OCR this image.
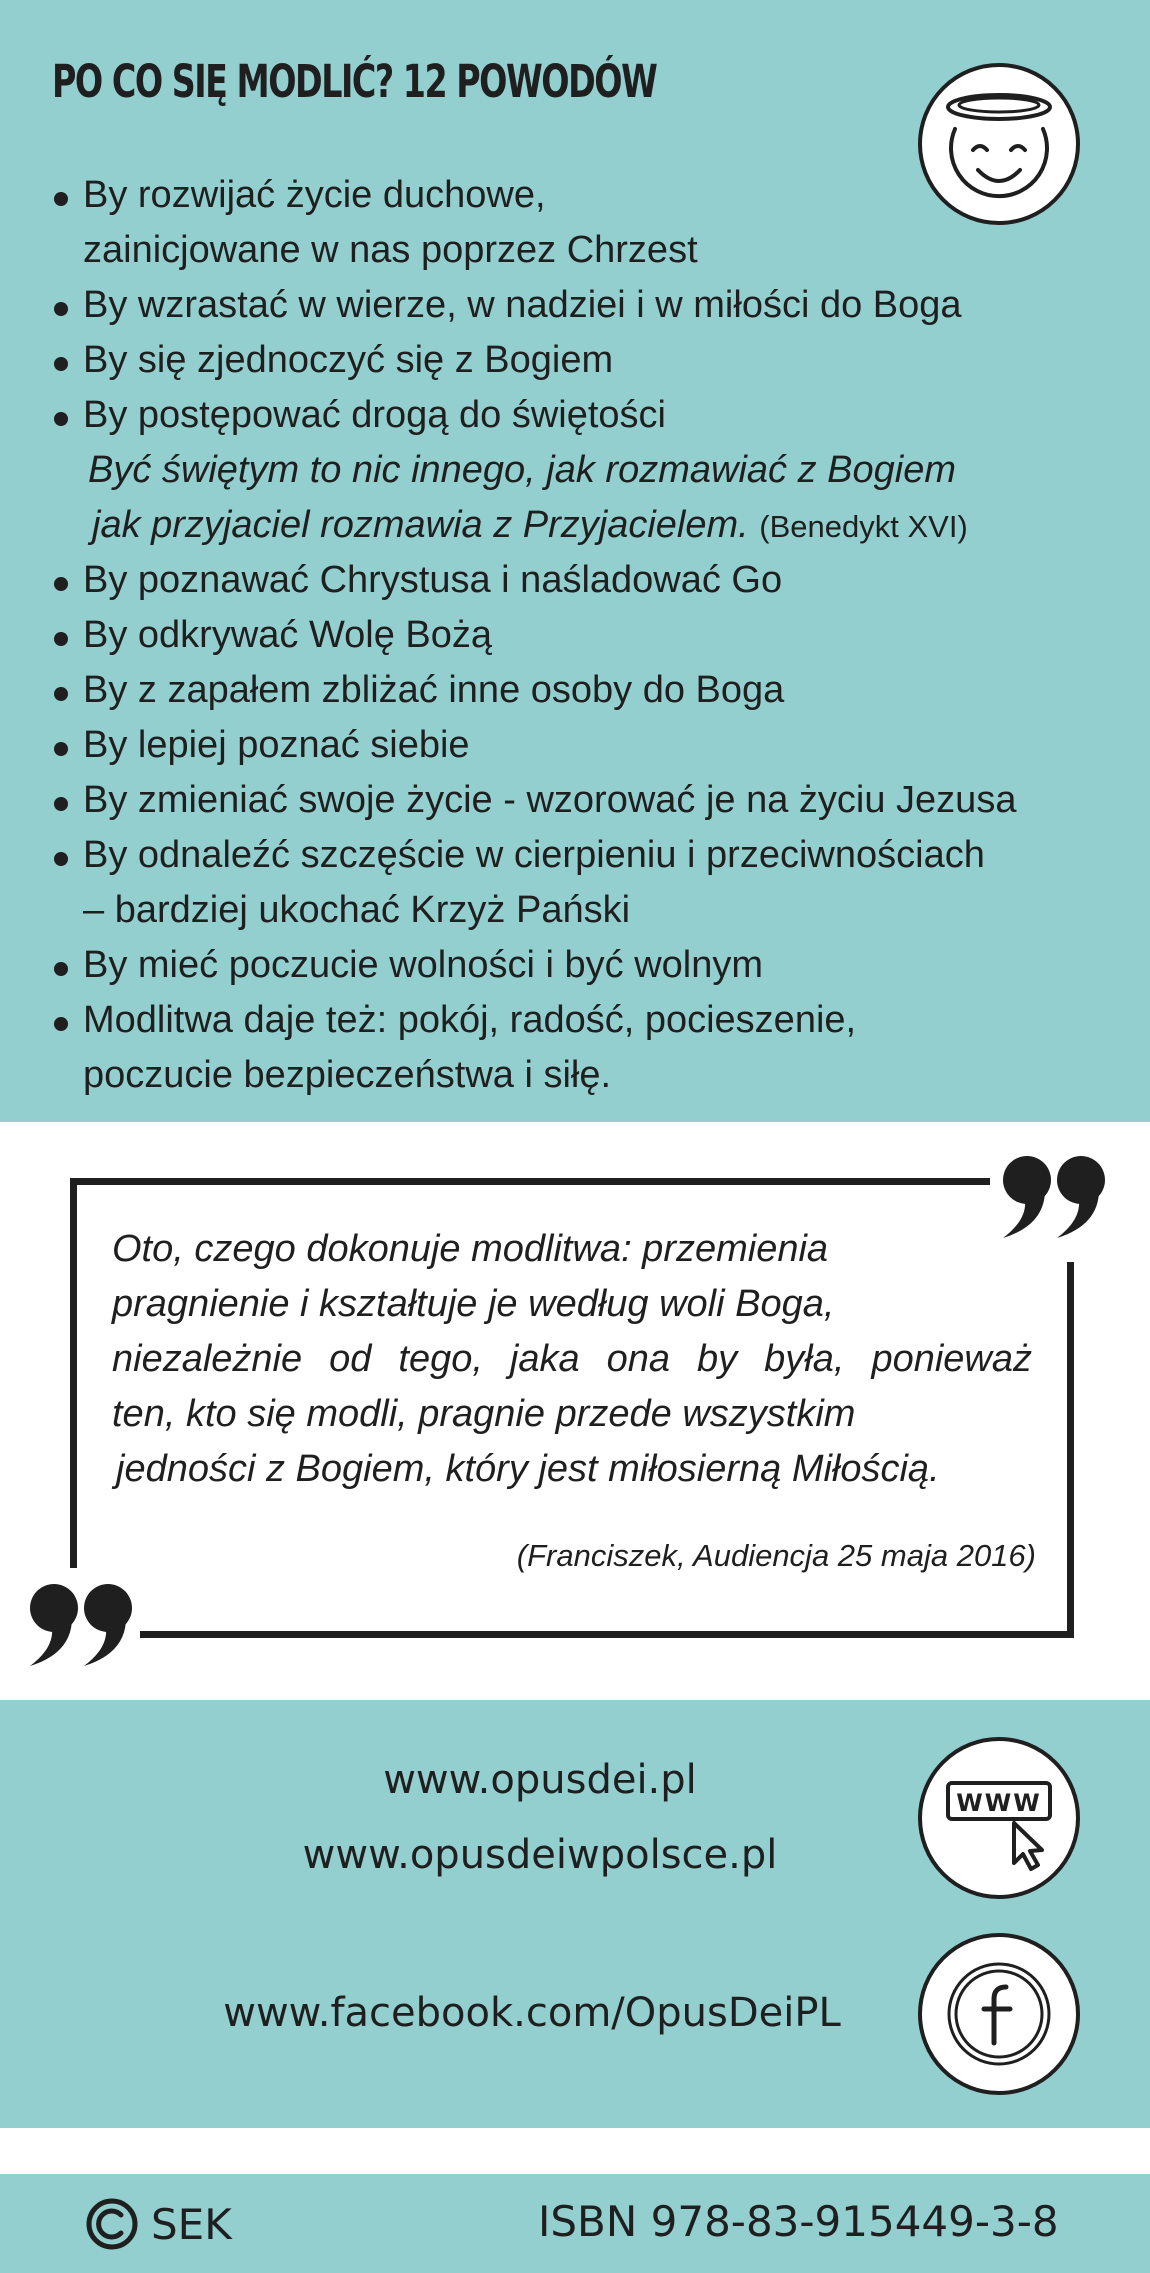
PO CO SIĘ MODLIĆ? 12 POWODÓW
By rozwijać życie duchowe,
zainicjowane w nas poprzez Chrzest
By wzrastać w wierze, w nadziei i w miłości do Boga
By się zjednoczyć się z Bogiem
By postępować drogą do świętości
Być świętym to nic innego, jak rozmawiać z Bogiem
jak przyjaciel rozmawia z Przyjacielem. (Benedykt XVI)
By poznawać Chrystusa i naśladować Go
By odkrywać Wolę Bożą
By z zapałem zbliżać inne osoby do Boga
By lepiej poznać siebie
By zmieniać swoje życie - wzorować je na życiu Jezusa
By odnaleźć szczęście w cierpieniu i przeciwnościach
– bardziej ukochać Krzyż Pański
By mieć poczucie wolności i być wolnym
Modlitwa daje też: pokój, radość, pocieszenie,
poczucie bezpieczeństwa i siłę.
Oto, czego dokonuje modlitwa: przemienia
pragnienie i kształtuje je według woli Boga,
niezależnie od tego, jaka ona by była, ponieważ
ten, kto się modli, pragnie przede wszystkim
jedności z Bogiem, który jest miłosierną Miłością.
(Franciszek, Audiencja 25 maja 2016)
www.opusdei.pl
www.opusdeiwpolsce.pl
www.facebook.com/OpusDeiPL
WWW
SEK	ISBN 978-83-915449-3-8
